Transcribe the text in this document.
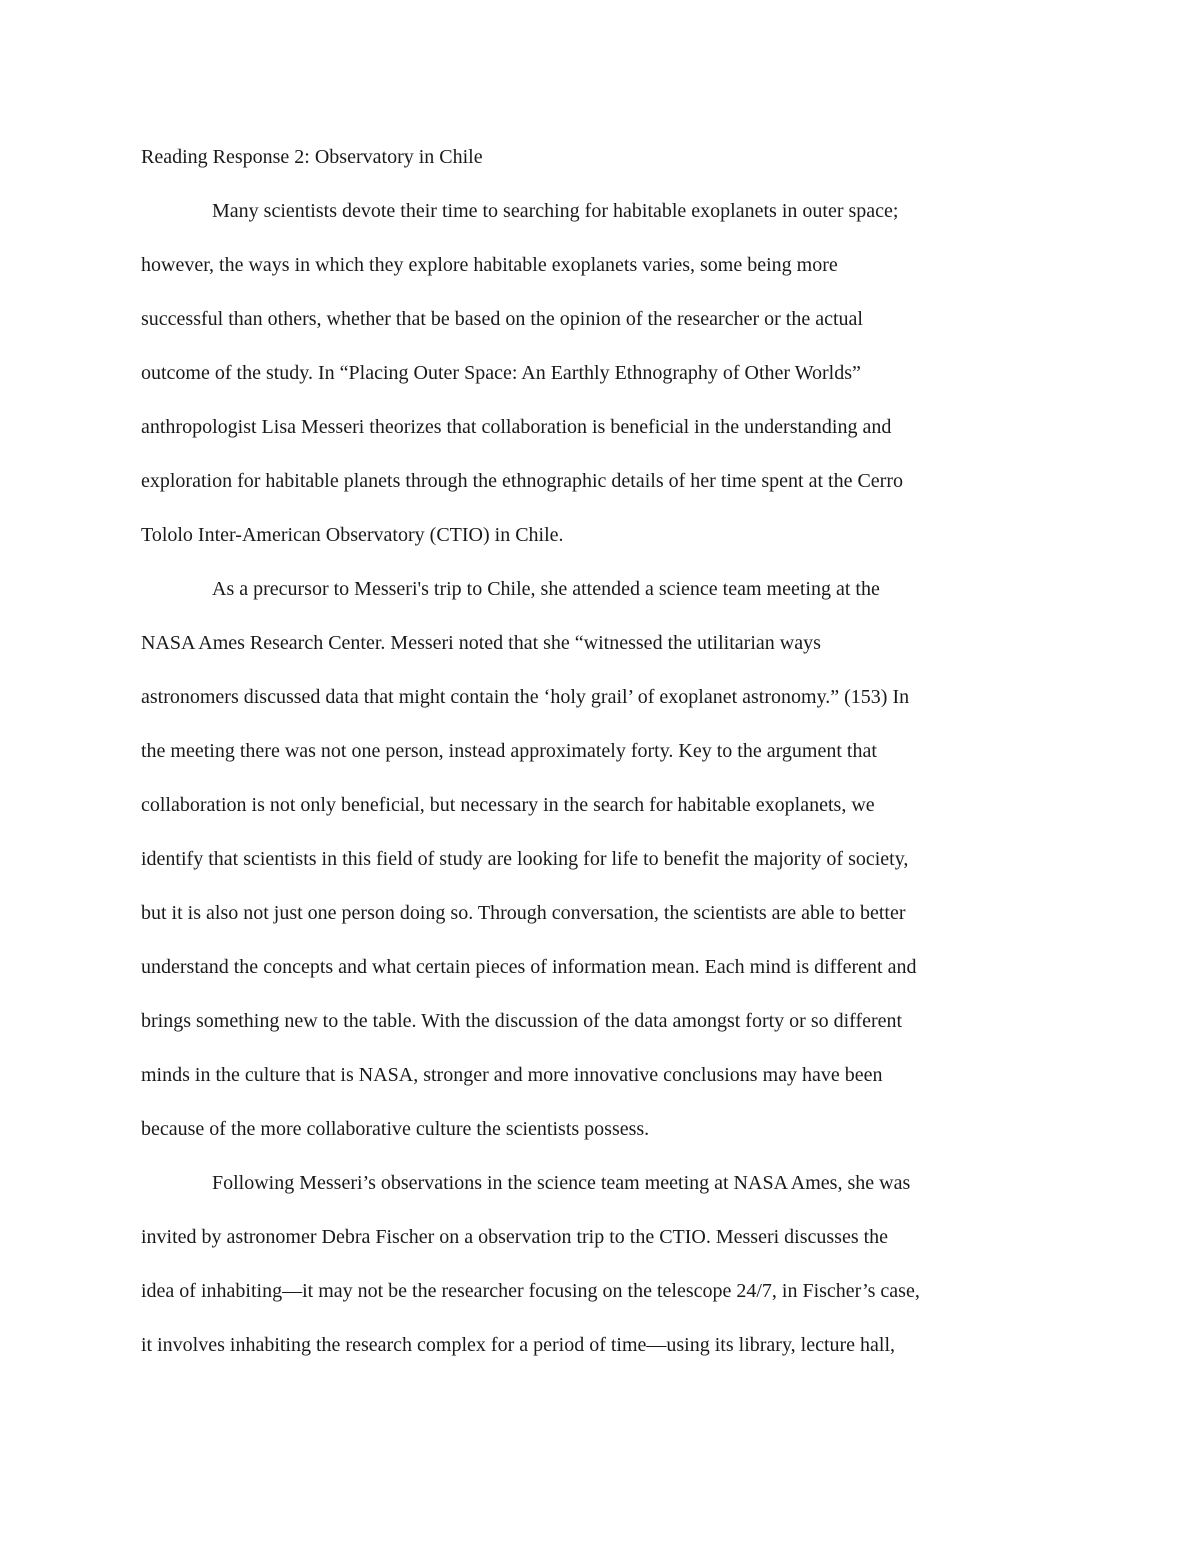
Reading Response 2: Observatory in Chile

Many scientists devote their time to searching for habitable exoplanets in outer space;

however, the ways in which they explore habitable exoplanets varies, some being more

successful than others, whether that be based on the opinion of the researcher or the actual

outcome of the study. In “Placing Outer Space: An Earthly Ethnography of Other Worlds”

anthropologist Lisa Messeri theorizes that collaboration is beneficial in the understanding and

exploration for habitable planets through the ethnographic details of her time spent at the Cerro

Tololo Inter-American Observatory (CTIO) in Chile.

As a precursor to Messeri's trip to Chile, she attended a science team meeting at the

NASA Ames Research Center. Messeri noted that she “witnessed the utilitarian ways

astronomers discussed data that might contain the ‘holy grail’ of exoplanet astronomy.” (153) In

the meeting there was not one person, instead approximately forty. Key to the argument that

collaboration is not only beneficial, but necessary in the search for habitable exoplanets, we

identify that scientists in this field of study are looking for life to benefit the majority of society,

but it is also not just one person doing so. Through conversation, the scientists are able to better

understand the concepts and what certain pieces of information mean. Each mind is different and

brings something new to the table. With the discussion of the data amongst forty or so different

minds in the culture that is NASA, stronger and more innovative conclusions may have been

because of the more collaborative culture the scientists possess.

Following Messeri’s observations in the science team meeting at NASA Ames, she was

invited by astronomer Debra Fischer on a observation trip to the CTIO. Messeri discusses the

idea of inhabiting—it may not be the researcher focusing on the telescope 24/7, in Fischer’s case,

it involves inhabiting the research complex for a period of time—using its library, lecture hall,
